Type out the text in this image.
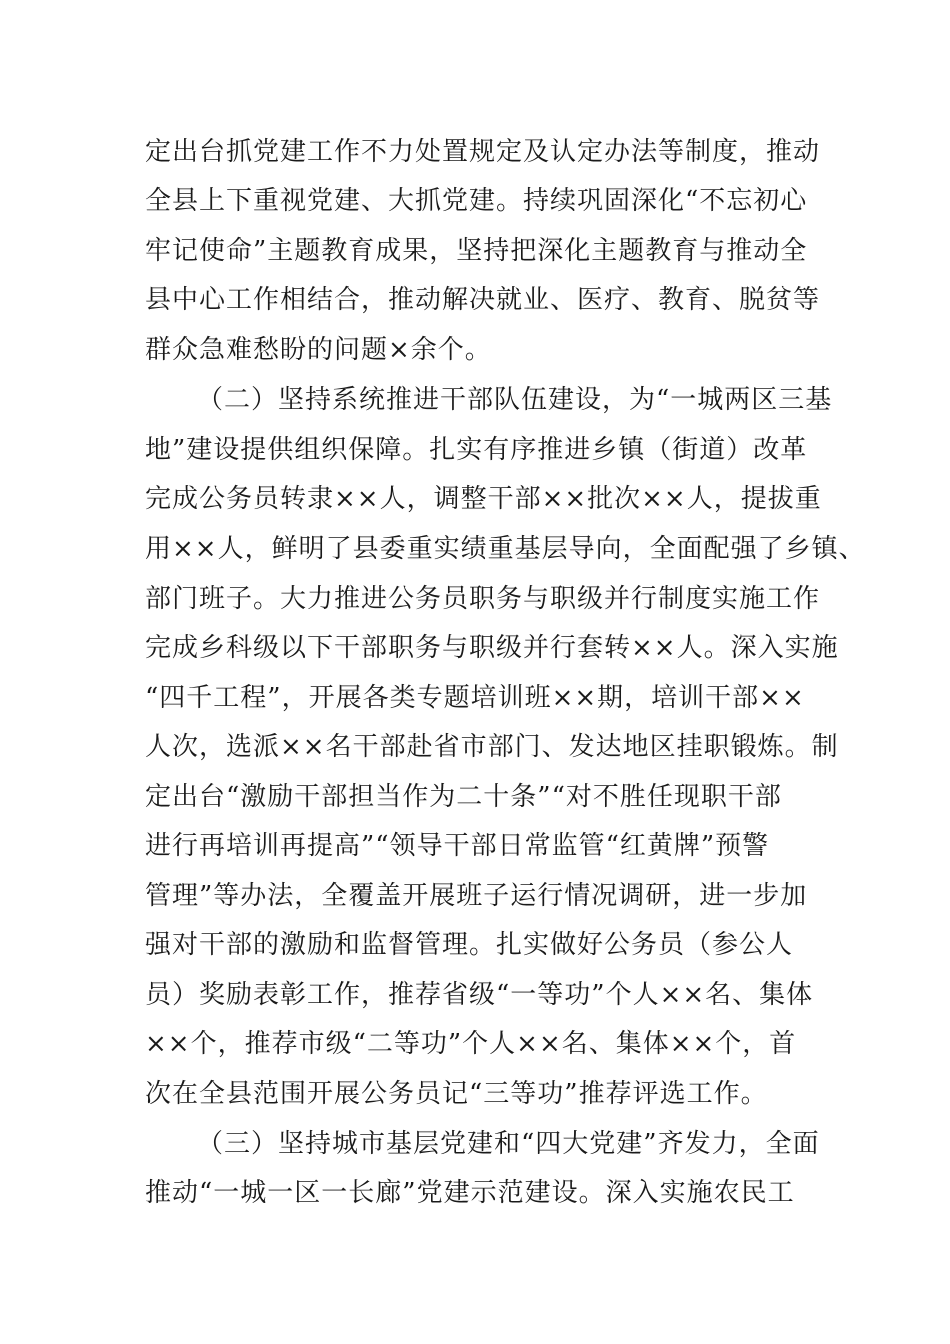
定出台抓党建工作不力处置规定及认定办法等制度，推动
全县上下重视党建、大抓党建。持续巩固深化“不忘初心
牢记使命”主题教育成果，坚持把深化主题教育与推动全
县中心工作相结合，推动解决就业、医疗、教育、脱贫等
群众急难愁盼的问题×余个。
（二）坚持系统推进干部队伍建设，为“一城两区三基
地”建设提供组织保障。扎实有序推进乡镇（街道）改革
完成公务员转隶××人，调整干部××批次××人，提拔重
用××人，鲜明了县委重实绩重基层导向，全面配强了乡镇、
部门班子。大力推进公务员职务与职级并行制度实施工作
完成乡科级以下干部职务与职级并行套转××人。深入实施
“四千工程”，开展各类专题培训班××期，培训干部××
人次，选派××名干部赴省市部门、发达地区挂职锻炼。制
定出台“激励干部担当作为二十条”“对不胜任现职干部
进行再培训再提高”“领导干部日常监管“红黄牌”预警
管理”等办法，全覆盖开展班子运行情况调研，进一步加
强对干部的激励和监督管理。扎实做好公务员（参公人
员）奖励表彰工作，推荐省级“一等功”个人××名、集体
××个，推荐市级“二等功”个人××名、集体××个，首
次在全县范围开展公务员记“三等功”推荐评选工作。
（三）坚持城市基层党建和“四大党建”齐发力，全面
推动“一城一区一长廊”党建示范建设。深入实施农民工
